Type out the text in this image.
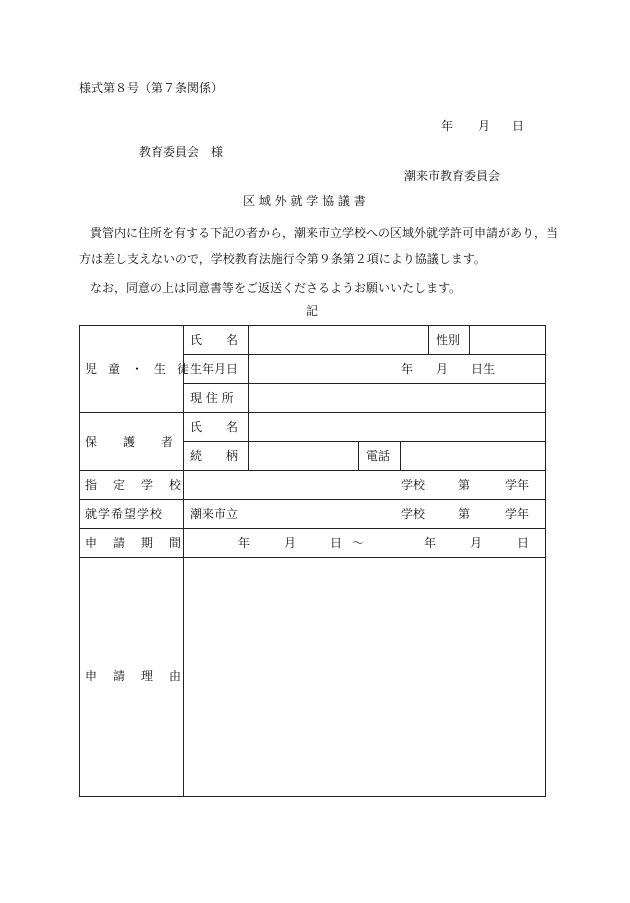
様式第８号（第７条関係）
年 月 日
教育委員会　様
潮来市教育委員会
区 域 外 就 学 協 議 書
貴管内に住所を有する下記の者から，潮来市立学校への区域外就学許可申請があり，当
方は差し支えないので，学校教育法施行令第９条第２項により協議します。
なお，同意の上は同意書等をご返送くださるようお願いいたします。
記
児童・生徒
氏　　名	性別
生年月日	年 月 日生
現 住 所
保護者
氏　　名
続　　柄	電話
指定学校	学校	第	学年
就学希望学校 潮来市立	学校	第	学年
申請期間	年	月	日 〜	年	月	日
申請理由
